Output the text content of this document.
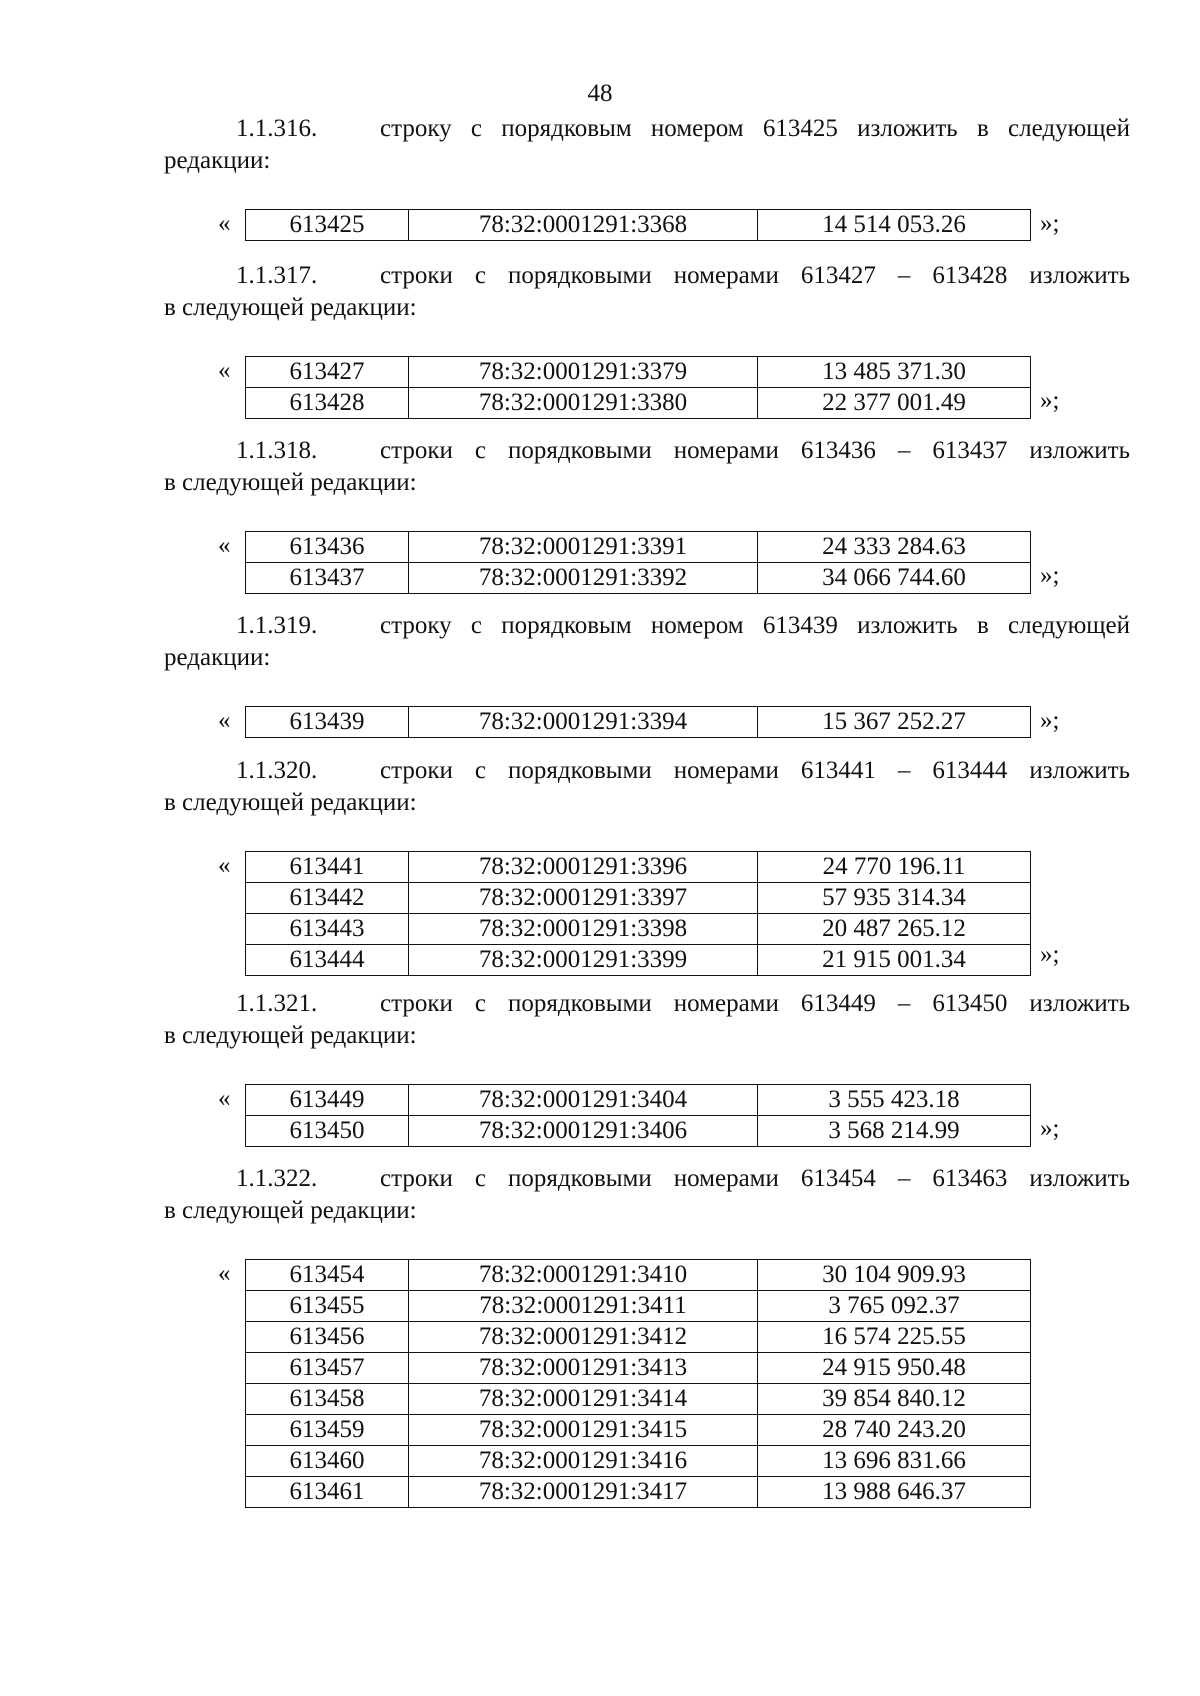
48
1.1.316.	строку с порядковым номером 613425 изложить в следующей
редакции:
« 613425	78:32:0001291:3368	14 514 053.26	»;
1.1.317.	строки с порядковыми номерами 613427 – 613428 изложить
в следующей редакции:
« 613427	78:32:0001291:3379	13 485 371.30
613428	78:32:0001291:3380	22 377 001.49	»;
1.1.318.	строки с порядковыми номерами 613436 – 613437 изложить
в следующей редакции:
« 613436	78:32:0001291:3391	24 333 284.63
613437	78:32:0001291:3392	34 066 744.60	»;
1.1.319.	строку с порядковым номером 613439 изложить в следующей
редакции:
« 613439	78:32:0001291:3394	15 367 252.27	»;
1.1.320.	строки с порядковыми номерами 613441 – 613444 изложить
в следующей редакции:
« 613441	78:32:0001291:3396	24 770 196.11
613442	78:32:0001291:3397	57 935 314.34
613443	78:32:0001291:3398	20 487 265.12
613444	78:32:0001291:3399	21 915 001.34	»;
1.1.321.	строки с порядковыми номерами 613449 – 613450 изложить
в следующей редакции:
« 613449	78:32:0001291:3404	3 555 423.18
613450	78:32:0001291:3406	3 568 214.99	»;
1.1.322.	строки с порядковыми номерами 613454 – 613463 изложить
в следующей редакции:
« 613454	78:32:0001291:3410	30 104 909.93
613455	78:32:0001291:3411	3 765 092.37
613456	78:32:0001291:3412	16 574 225.55
613457	78:32:0001291:3413	24 915 950.48
613458	78:32:0001291:3414	39 854 840.12
613459	78:32:0001291:3415	28 740 243.20
613460	78:32:0001291:3416	13 696 831.66
613461	78:32:0001291:3417	13 988 646.37
